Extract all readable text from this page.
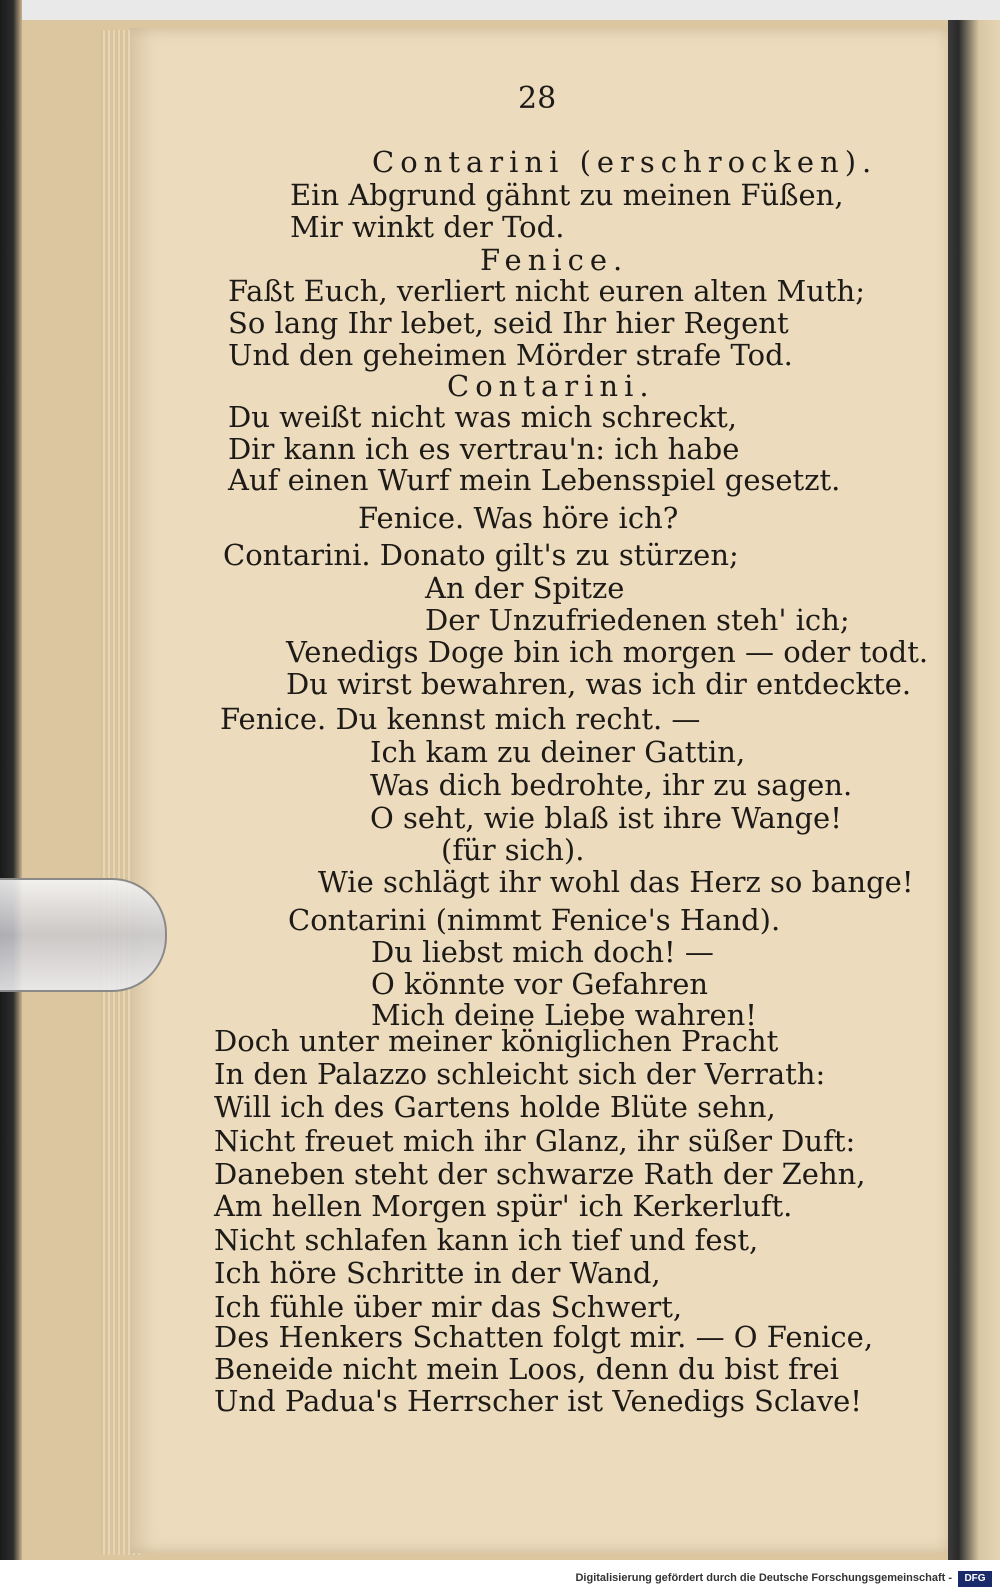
28
Contarini (erschrocken).
Ein Abgrund gähnt zu meinen Füßen,
Mir winkt der Tod.
Fenice.
Faßt Euch, verliert nicht euren alten Muth;
So lang Ihr lebet, seid Ihr hier Regent
Und den geheimen Mörder strafe Tod.
Contarini.
Du weißt nicht was mich schreckt,
Dir kann ich es vertrau'n: ich habe
Auf einen Wurf mein Lebensspiel gesetzt.
Fenice. Was höre ich?
Contarini. Donato gilt's zu stürzen;
An der Spitze
Der Unzufriedenen steh' ich;
Venedigs Doge bin ich morgen — oder todt.
Du wirst bewahren, was ich dir entdeckte.
Fenice. Du kennst mich recht. —
Ich kam zu deiner Gattin,
Was dich bedrohte, ihr zu sagen.
O seht, wie blaß ist ihre Wange!
(für sich).
Wie schlägt ihr wohl das Herz so bange!
Contarini (nimmt Fenice's Hand).
Du liebst mich doch! —
O könnte vor Gefahren
Mich deine Liebe wahren!
Doch unter meiner königlichen Pracht
In den Palazzo schleicht sich der Verrath:
Will ich des Gartens holde Blüte sehn,
Nicht freuet mich ihr Glanz, ihr süßer Duft:
Daneben steht der schwarze Rath der Zehn,
Am hellen Morgen spür' ich Kerkerluft.
Nicht schlafen kann ich tief und fest,
Ich höre Schritte in der Wand,
Ich fühle über mir das Schwert,
Des Henkers Schatten folgt mir. — O Fenice,
Beneide nicht mein Loos, denn du bist frei
Und Padua's Herrscher ist Venedigs Sclave!
Digitalisierung gefördert durch die Deutsche Forschungsgemeinschaft -	DFG
